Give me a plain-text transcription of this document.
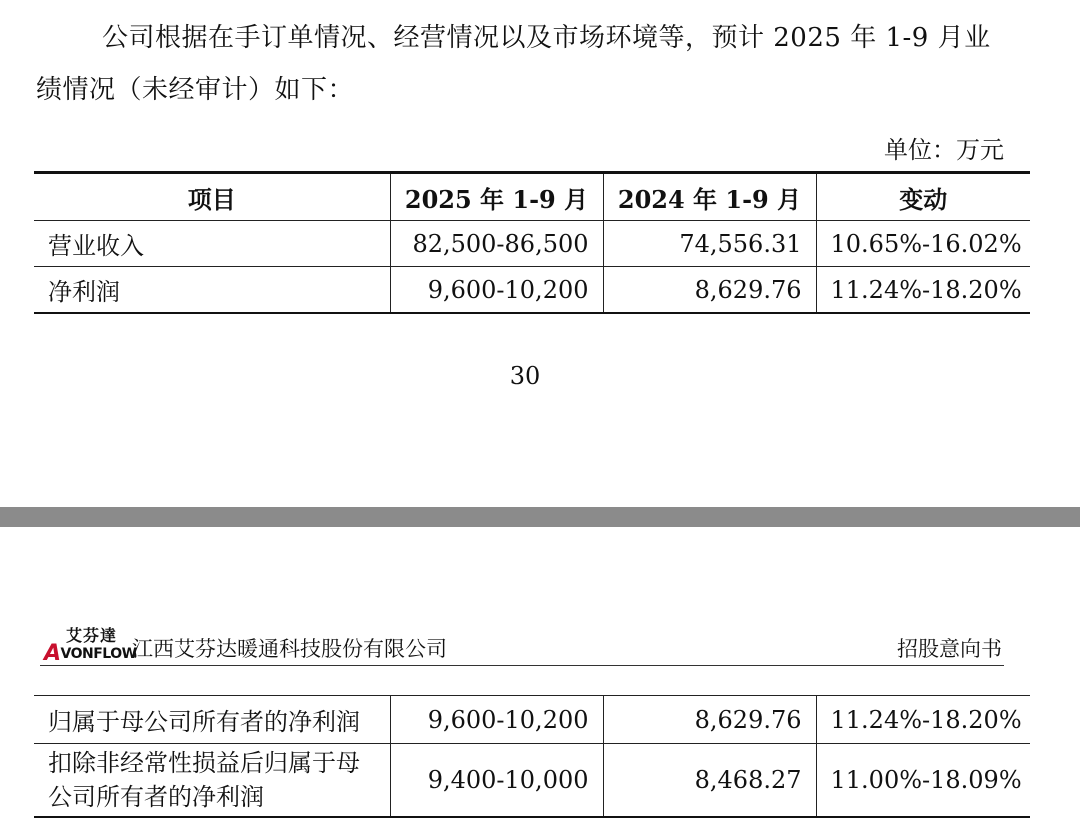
公司根据在手订单情况、经营情况以及市场环境等，预计 2025 年 1-9 月业
绩情况（未经审计）如下：
单位：万元
项目	2025 年 1-9 月	2024 年 1-9 月	变动
营业收入	82,500-86,500	74,556.31	10.65%-16.02%
净利润	9,600-10,200	8,629.76	11.24%-18.20%
30
艾芬達
AVONFLOW
江西艾芬达暖通科技股份有限公司	招股意向书
归属于母公司所有者的净利润	9,600-10,200	8,629.76	11.24%-18.20%
扣除非经常性损益后归属于母公司所有者的净利润	9,400-10,000	8,468.27	11.00%-18.09%
